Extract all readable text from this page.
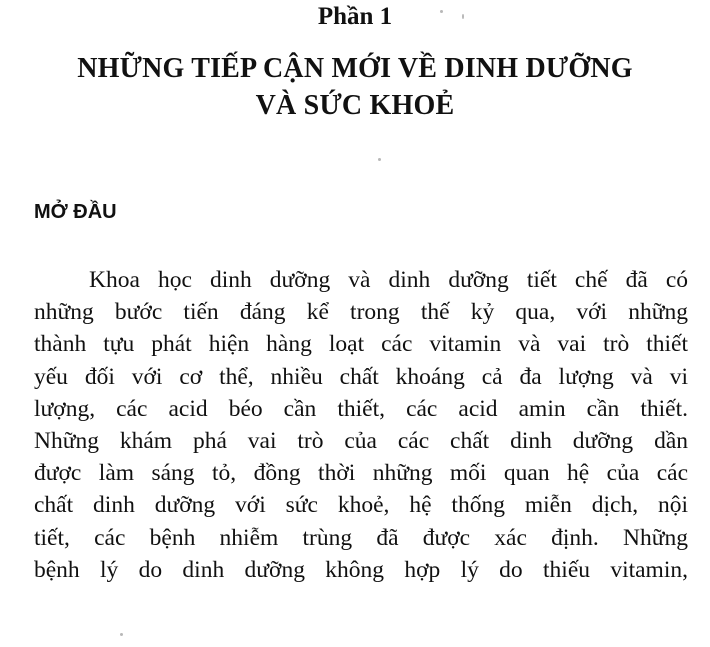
Phần 1
NHỮNG TIẾP CẬN MỚI VỀ DINH DƯỠNG
VÀ SỨC KHOẺ
MỞ ĐẦU
Khoa học dinh dưỡng và dinh dưỡng tiết chế đã có
những bước tiến đáng kể trong thế kỷ qua, với những
thành tựu phát hiện hàng loạt các vitamin và vai trò thiết
yếu đối với cơ thể, nhiều chất khoáng cả đa lượng và vi
lượng, các acid béo cần thiết, các acid amin cần thiết.
Những khám phá vai trò của các chất dinh dưỡng dần
được làm sáng tỏ, đồng thời những mối quan hệ của các
chất dinh dưỡng với sức khoẻ, hệ thống miễn dịch, nội
tiết, các bệnh nhiễm trùng đã được xác định. Những
bệnh lý do dinh dưỡng không hợp lý do thiếu vitamin,
